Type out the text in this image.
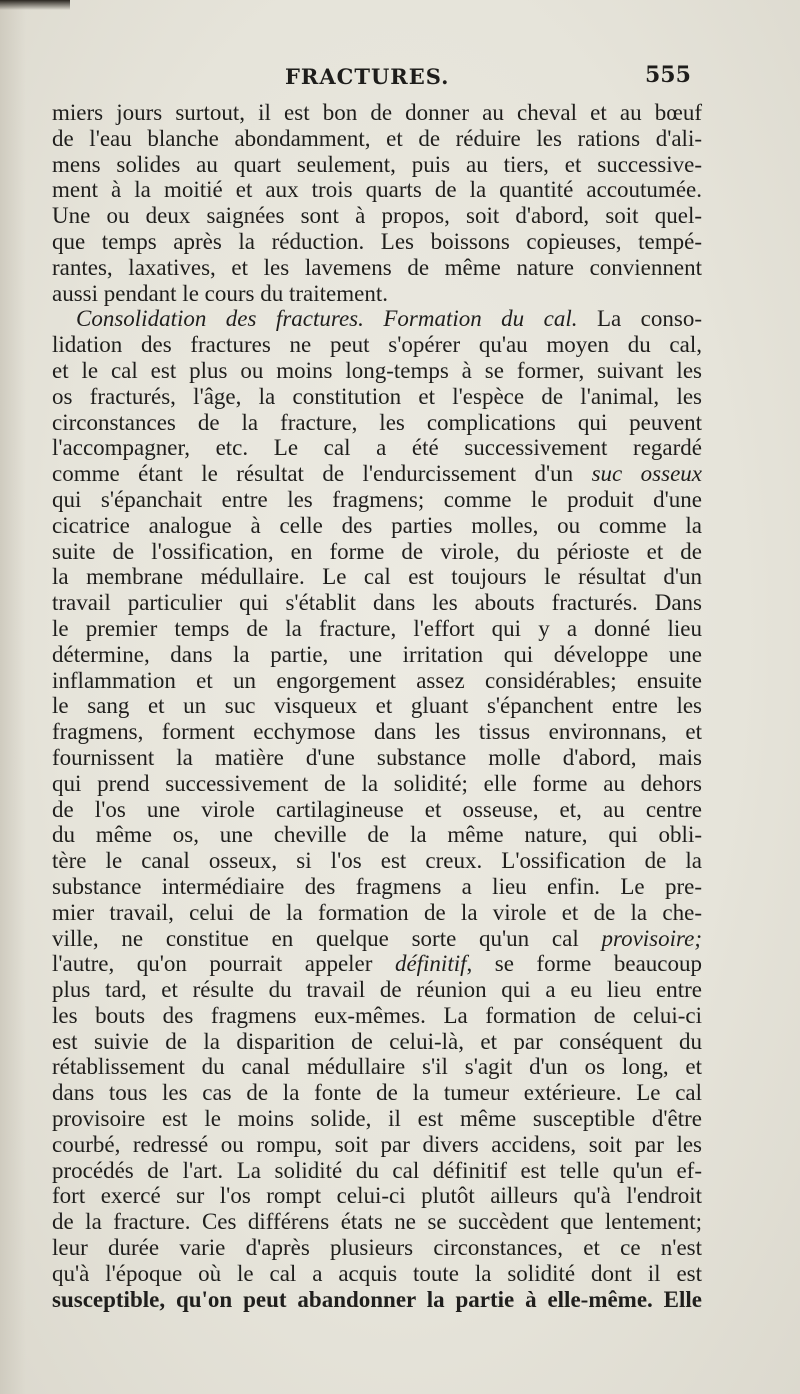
FRACTURES.	555
miers jours surtout, il est bon de donner au cheval et au bœuf
de l'eau blanche abondamment, et de réduire les rations d'ali-
mens solides au quart seulement, puis au tiers, et successive-
ment à la moitié et aux trois quarts de la quantité accoutumée.
Une ou deux saignées sont à propos, soit d'abord, soit quel-
que temps après la réduction. Les boissons copieuses, tempé-
rantes, laxatives, et les lavemens de même nature conviennent
aussi pendant le cours du traitement.
Consolidation des fractures. Formation du cal. La conso-
lidation des fractures ne peut s'opérer qu'au moyen du cal,
et le cal est plus ou moins long-temps à se former, suivant les
os fracturés, l'âge, la constitution et l'espèce de l'animal, les
circonstances de la fracture, les complications qui peuvent
l'accompagner, etc. Le cal a été successivement regardé
comme étant le résultat de l'endurcissement d'un suc osseux
qui s'épanchait entre les fragmens; comme le produit d'une
cicatrice analogue à celle des parties molles, ou comme la
suite de l'ossification, en forme de virole, du périoste et de
la membrane médullaire. Le cal est toujours le résultat d'un
travail particulier qui s'établit dans les abouts fracturés. Dans
le premier temps de la fracture, l'effort qui y a donné lieu
détermine, dans la partie, une irritation qui développe une
inflammation et un engorgement assez considérables; ensuite
le sang et un suc visqueux et gluant s'épanchent entre les
fragmens, forment ecchymose dans les tissus environnans, et
fournissent la matière d'une substance molle d'abord, mais
qui prend successivement de la solidité; elle forme au dehors
de l'os une virole cartilagineuse et osseuse, et, au centre
du même os, une cheville de la même nature, qui obli-
tère le canal osseux, si l'os est creux. L'ossification de la
substance intermédiaire des fragmens a lieu enfin. Le pre-
mier travail, celui de la formation de la virole et de la che-
ville, ne constitue en quelque sorte qu'un cal provisoire;
l'autre, qu'on pourrait appeler définitif, se forme beaucoup
plus tard, et résulte du travail de réunion qui a eu lieu entre
les bouts des fragmens eux-mêmes. La formation de celui-ci
est suivie de la disparition de celui-là, et par conséquent du
rétablissement du canal médullaire s'il s'agit d'un os long, et
dans tous les cas de la fonte de la tumeur extérieure. Le cal
provisoire est le moins solide, il est même susceptible d'être
courbé, redressé ou rompu, soit par divers accidens, soit par les
procédés de l'art. La solidité du cal définitif est telle qu'un ef-
fort exercé sur l'os rompt celui-ci plutôt ailleurs qu'à l'endroit
de la fracture. Ces différens états ne se succèdent que lentement;
leur durée varie d'après plusieurs circonstances, et ce n'est
qu'à l'époque où le cal a acquis toute la solidité dont il est
susceptible, qu'on peut abandonner la partie à elle-même. Elle
